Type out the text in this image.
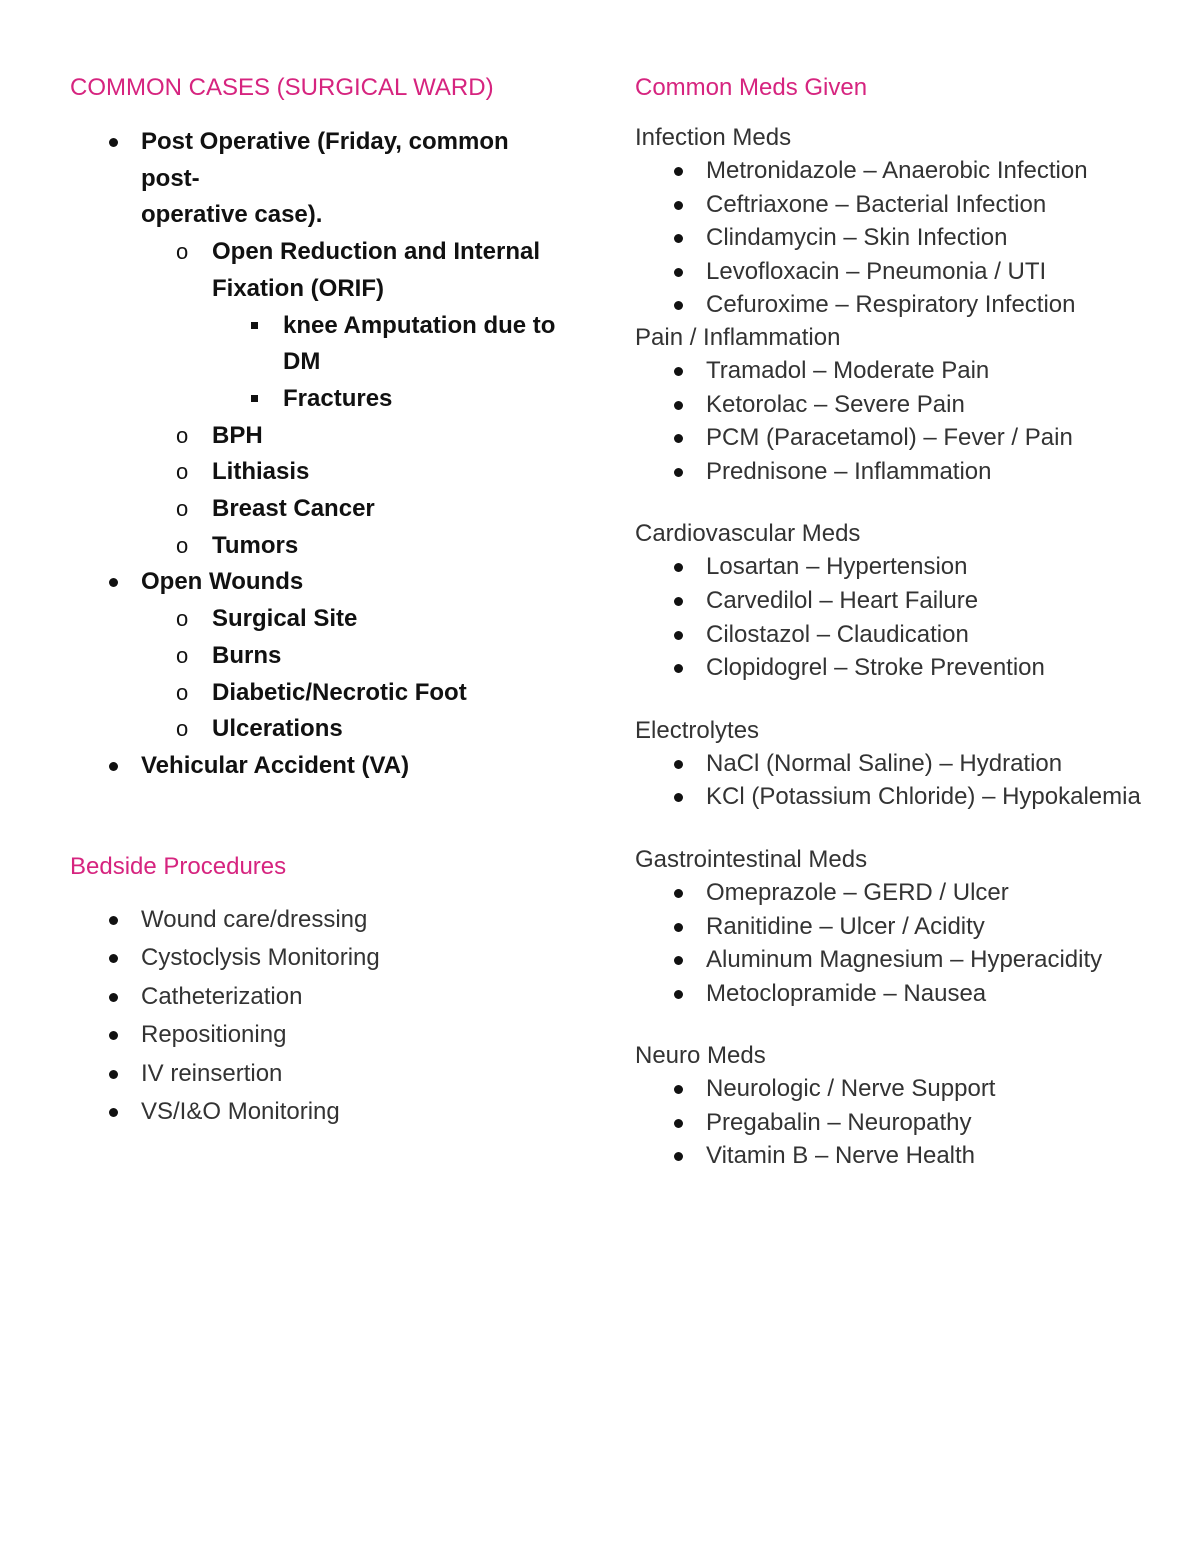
COMMON CASES (SURGICAL WARD)
Post Operative (Friday, common post-
operative case).
o Open Reduction and Internal
Fixation (ORIF)
knee Amputation due to
DM
Fractures
o BPH
o Lithiasis
o Breast Cancer
o Tumors
Open Wounds
o Surgical Site
o Burns
o Diabetic/Necrotic Foot
o Ulcerations
Vehicular Accident (VA)
Bedside Procedures
Wound care/dressing
Cystoclysis Monitoring
Catheterization
Repositioning
IV reinsertion
VS/I&O Monitoring
Common Meds Given

Infection Meds

Metronidazole – Anaerobic Infection
Ceftriaxone – Bacterial Infection
Clindamycin – Skin Infection
Levofloxacin – Pneumonia / UTI
Cefuroxime – Respiratory Infection

Pain / Inflammation

Tramadol – Moderate Pain
Ketorolac – Severe Pain
PCM (Paracetamol) – Fever / Pain
Prednisone – Inflammation

Cardiovascular Meds

Losartan – Hypertension
Carvedilol – Heart Failure
Cilostazol – Claudication
Clopidogrel – Stroke Prevention

Electrolytes

NaCl (Normal Saline) – Hydration
KCl (Potassium Chloride) – Hypokalemia

Gastrointestinal Meds

Omeprazole – GERD / Ulcer
Ranitidine – Ulcer / Acidity
Aluminum Magnesium – Hyperacidity
Metoclopramide – Nausea

Neuro Meds

Neurologic / Nerve Support
Pregabalin – Neuropathy
Vitamin B – Nerve Health
